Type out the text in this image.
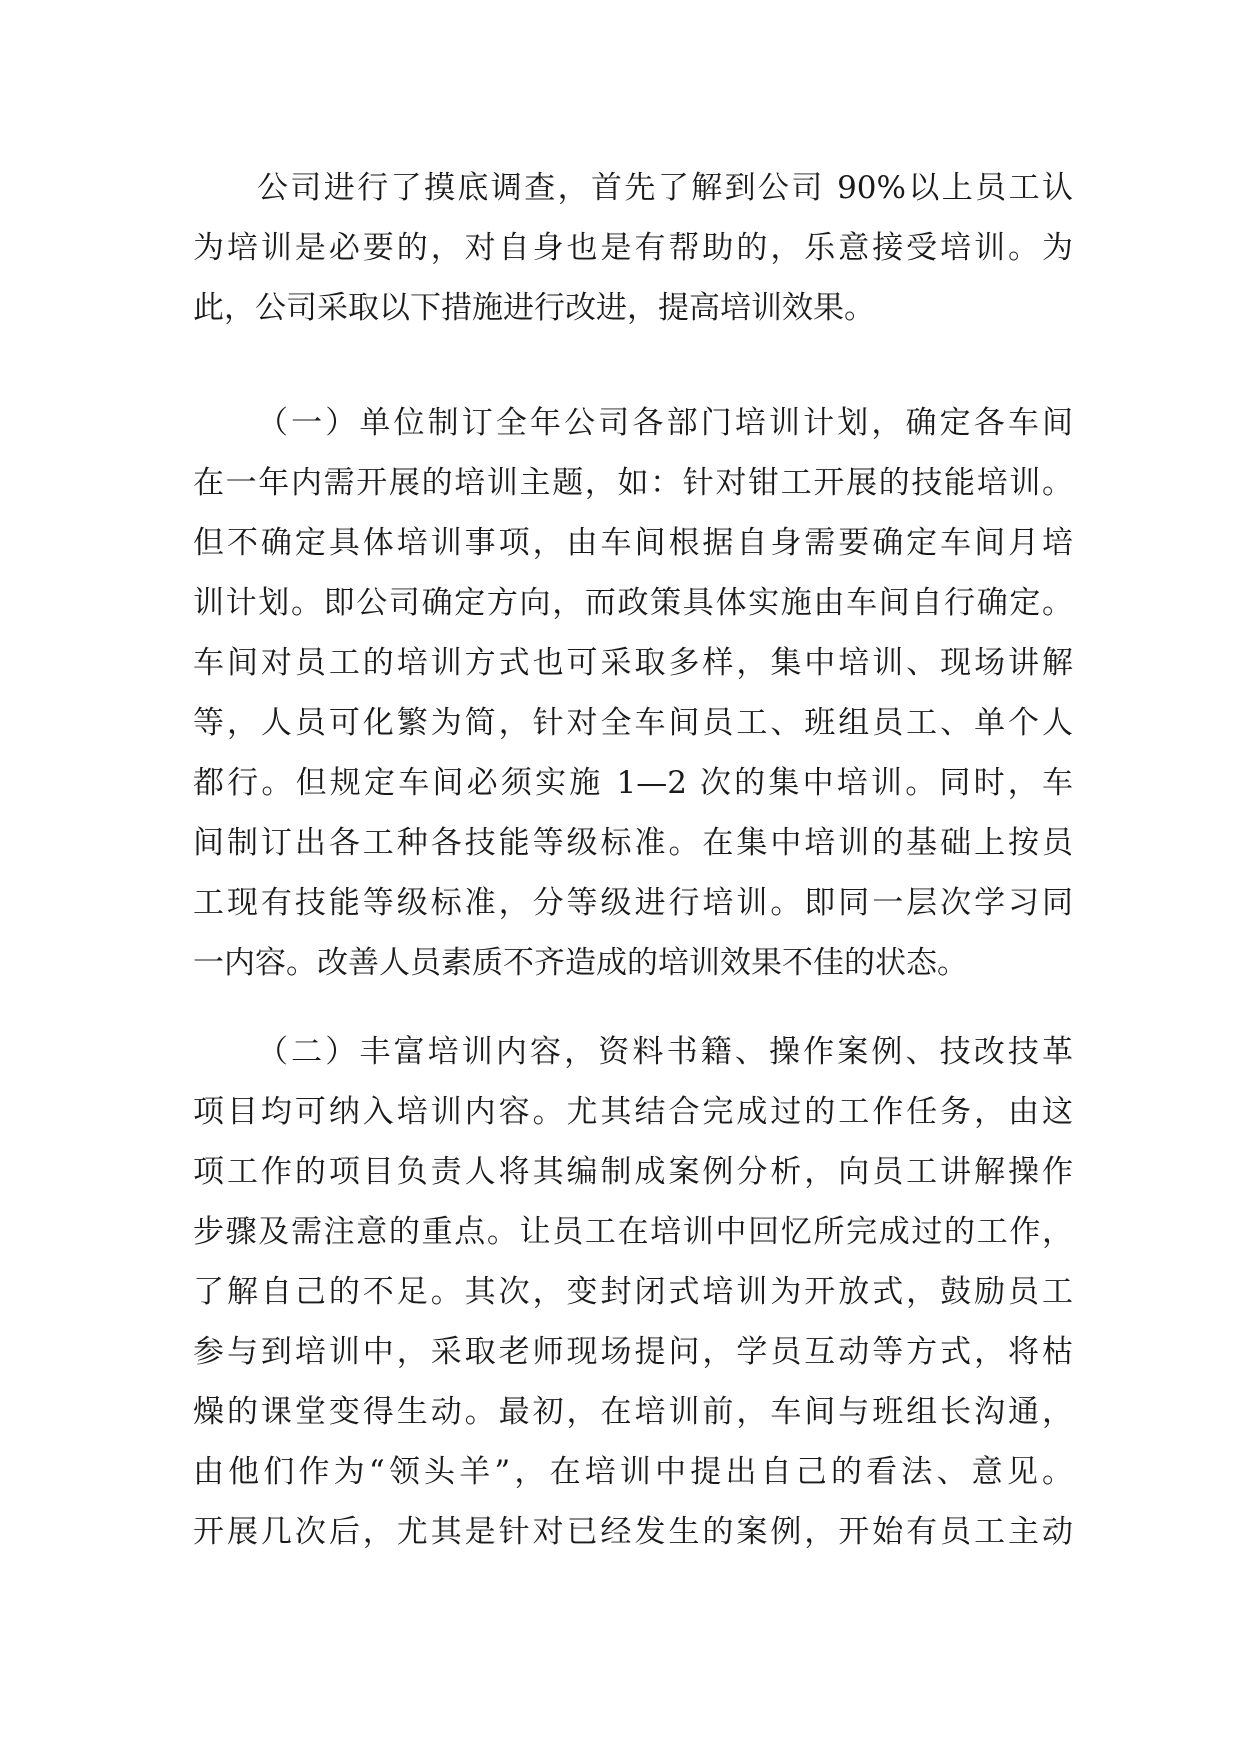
公司进行了摸底调查，首先了解到公司 90%以上员工认
为培训是必要的，对自身也是有帮助的，乐意接受培训。为
此，公司采取以下措施进行改进，提高培训效果。
（一）单位制订全年公司各部门培训计划，确定各车间
在一年内需开展的培训主题，如：针对钳工开展的技能培训。
但不确定具体培训事项，由车间根据自身需要确定车间月培
训计划。即公司确定方向，而政策具体实施由车间自行确定。
车间对员工的培训方式也可采取多样，集中培训、现场讲解
等，人员可化繁为简，针对全车间员工、班组员工、单个人
都行。但规定车间必须实施 1—2 次的集中培训。同时，车
间制订出各工种各技能等级标准。在集中培训的基础上按员
工现有技能等级标准，分等级进行培训。即同一层次学习同
一内容。改善人员素质不齐造成的培训效果不佳的状态。
（二）丰富培训内容，资料书籍、操作案例、技改技革
项目均可纳入培训内容。尤其结合完成过的工作任务，由这
项工作的项目负责人将其编制成案例分析，向员工讲解操作
步骤及需注意的重点。让员工在培训中回忆所完成过的工作，
了解自己的不足。其次，变封闭式培训为开放式，鼓励员工
参与到培训中，采取老师现场提问，学员互动等方式，将枯
燥的课堂变得生动。最初，在培训前，车间与班组长沟通，
由他们作为“领头羊”，在培训中提出自己的看法、意见。
开展几次后，尤其是针对已经发生的案例，开始有员工主动
